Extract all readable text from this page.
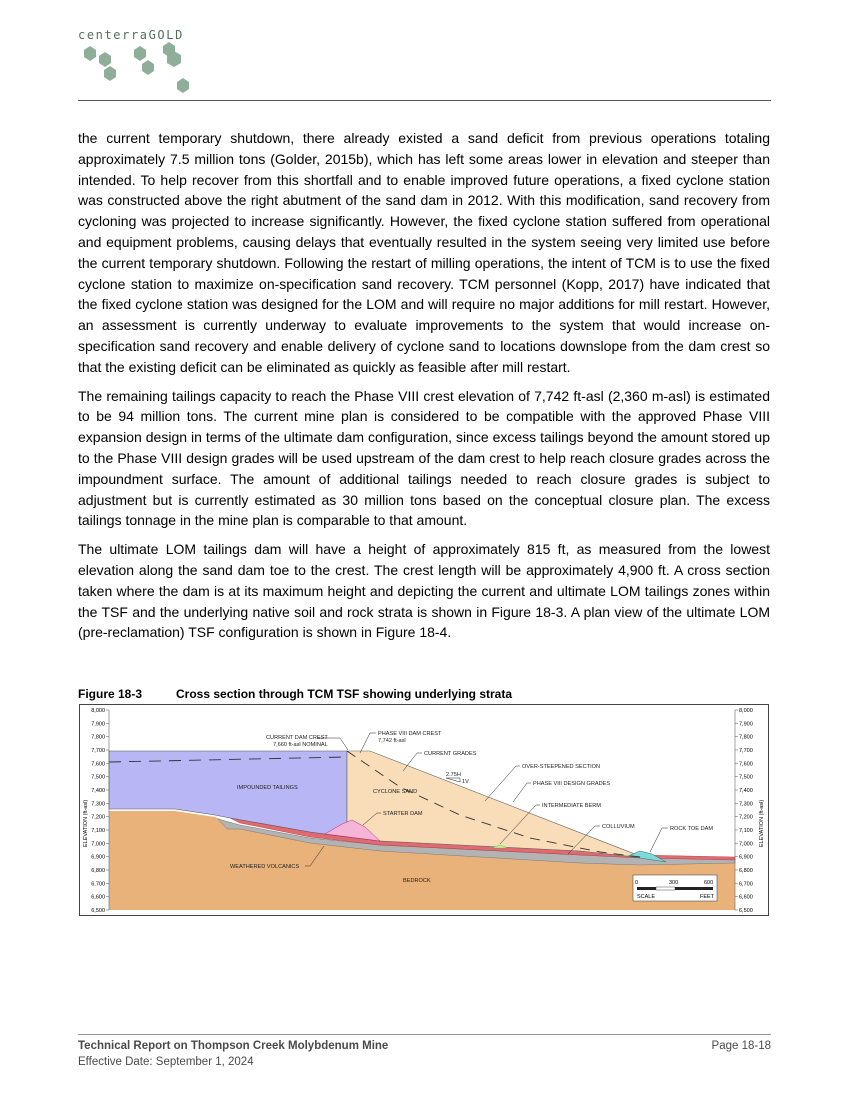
centerraGOLD

the current temporary shutdown, there already existed a sand deficit from previous operations totaling approximately 7.5 million tons (Golder, 2015b), which has left some areas lower in elevation and steeper than intended. To help recover from this shortfall and to enable improved future operations, a fixed cyclone station was constructed above the right abutment of the sand dam in 2012. With this modification, sand recovery from cycloning was projected to increase significantly. However, the fixed cyclone station suffered from operational and equipment problems, causing delays that eventually resulted in the system seeing very limited use before the current temporary shutdown. Following the restart of milling operations, the intent of TCM is to use the fixed cyclone station to maximize on-specification sand recovery. TCM personnel (Kopp, 2017) have indicated that the fixed cyclone station was designed for the LOM and will require no major additions for mill restart. However, an assessment is currently underway to evaluate improvements to the system that would increase on-specification sand recovery and enable delivery of cyclone sand to locations downslope from the dam crest so that the existing deficit can be eliminated as quickly as feasible after mill restart.

The remaining tailings capacity to reach the Phase VIII crest elevation of 7,742 ft-asl (2,360 m-asl) is estimated to be 94 million tons. The current mine plan is considered to be compatible with the approved Phase VIII expansion design in terms of the ultimate dam configuration, since excess tailings beyond the amount stored up to the Phase VIII design grades will be used upstream of the dam crest to help reach closure grades across the impoundment surface. The amount of additional tailings needed to reach closure grades is subject to adjustment but is currently estimated as 30 million tons based on the conceptual closure plan. The excess tailings tonnage in the mine plan is comparable to that amount.

The ultimate LOM tailings dam will have a height of approximately 815 ft, as measured from the lowest elevation along the sand dam toe to the crest. The crest length will be approximately 4,900 ft. A cross section taken where the dam is at its maximum height and depicting the current and ultimate LOM tailings zones within the TSF and the underlying native soil and rock strata is shown in Figure 18-3. A plan view of the ultimate LOM (pre-reclamation) TSF configuration is shown in Figure 18-4.

Figure 18-3	Cross section through TCM TSF showing underlying strata
ELEVATION (ft-asl)	ELEVATION (ft-asl)
8,000
7,900
7,800
7,700
7,600
7,500
7,400
7,300
7,200
7,100
7,000
6,900
6,800
6,700
6,600
6,500
8,000
7,900
7,800
7,700
7,600
7,500
7,400
7,300
7,200
7,100
7,000
6,900
6,800
6,700
6,600
6,500
CURRENT DAM CREST
7,660 ft-asl NOMINAL
PHASE VIII DAM CREST
7,742 ft-asl
CURRENT GRADES
2.75H
1V
OVER-STEEPENED SECTION
PHASE VIII DESIGN GRADES
IMPOUNDED TAILINGS
CYCLONE SAND
INTERMEDIATE BERM
STARTER DAM
COLLUVIUM	ROCK TOE DAM
WEATHERED VOLCANICS
BEDROCK	0	300	600
SCALE	FEET
Technical Report on Thompson Creek Molybdenum Mine
Effective Date: September 1, 2024
Page 18-18
